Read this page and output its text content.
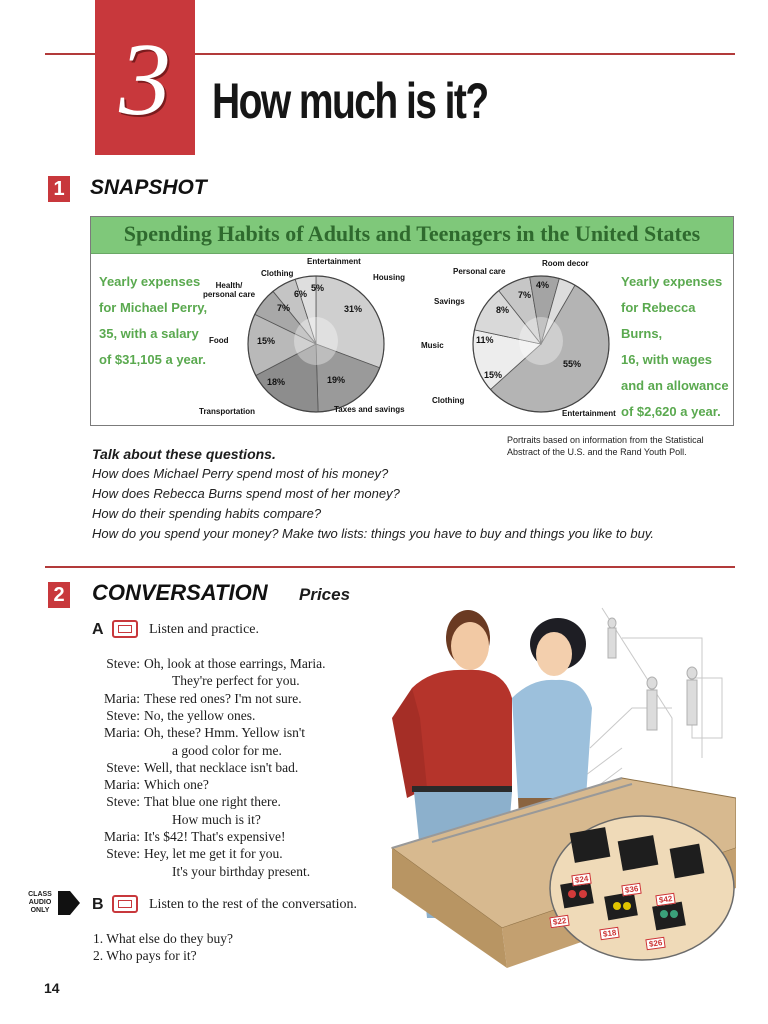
3 How much is it?
1 SNAPSHOT
Spending Habits of Adults and Teenagers in the United States
Yearly expenses
for Michael Perry,
35, with a salary
of $31,105 a year.
Yearly expenses
for Rebecca Burns,
16, with wages
and an allowance
of $2,620 a year.
Entertainment
Clothing	Housing
Health/
personal care
Food
Transportation	Taxes and savings
31%
19%
18%
15%
7%
6%
5%
Personal care
Room decor
Savings
Music
Clothing
Entertainment
55%
15%
11%
8%
7%
4%
Portraits based on information from the Statistical Abstract of the U.S. and the Rand Youth Poll.
Talk about these questions.
How does Michael Perry spend most of his money?
How does Rebecca Burns spend most of her money?
How do their spending habits compare?
How do you spend your money? Make two lists: things you have to buy and things you like to buy.
2 CONVERSATION Prices
A	Listen and practice.
Steve: Oh, look at those earrings, Maria.
They're perfect for you.
Maria: These red ones? I'm not sure.
Steve: No, the yellow ones.
Maria: Oh, these? Hmm. Yellow isn't
a good color for me.
Steve: Well, that necklace isn't bad.
Maria: Which one?
Steve: That blue one right there.
How much is it?
Maria: It's $42! That's expensive!
Steve: Hey, let me get it for you.
It's your birthday present.
CLASS
AUDIO
ONLY	B	Listen to the rest of the conversation.
1. What else do they buy?
2. Who pays for it?
$24
$36
$42
$22
$18
$26
14
